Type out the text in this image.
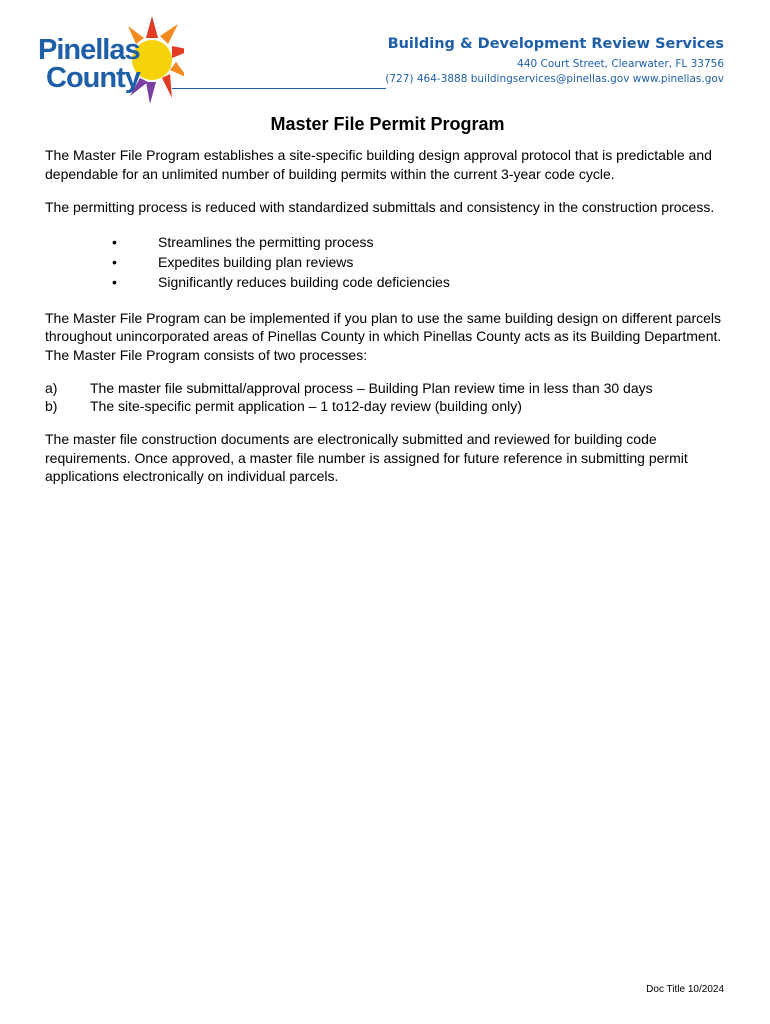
Pinellas
County
Building & Development Review Services
440 Court Street, Clearwater, FL 33756
(727) 464-3888 buildingservices@pinellas.gov www.pinellas.gov
Master File Permit Program

The Master File Program establishes a site-specific building design approval protocol that is predictable and dependable for an unlimited number of building permits within the current 3-year code cycle.

The permitting process is reduced with standardized submittals and consistency in the construction process.

•	Streamlines the permitting process
•	Expedites building plan reviews
•	Significantly reduces building code deficiencies

The Master File Program can be implemented if you plan to use the same building design on different parcels throughout unincorporated areas of Pinellas County in which Pinellas County acts as its Building Department. The Master File Program consists of two processes:

a) The master file submittal/approval process – Building Plan review time in less than 30 days
b) The site-specific permit application – 1 to12-day review (building only)

The master file construction documents are electronically submitted and reviewed for building code requirements. Once approved, a master file number is assigned for future reference in submitting permit applications electronically on individual parcels.

Doc Title 10/2024
